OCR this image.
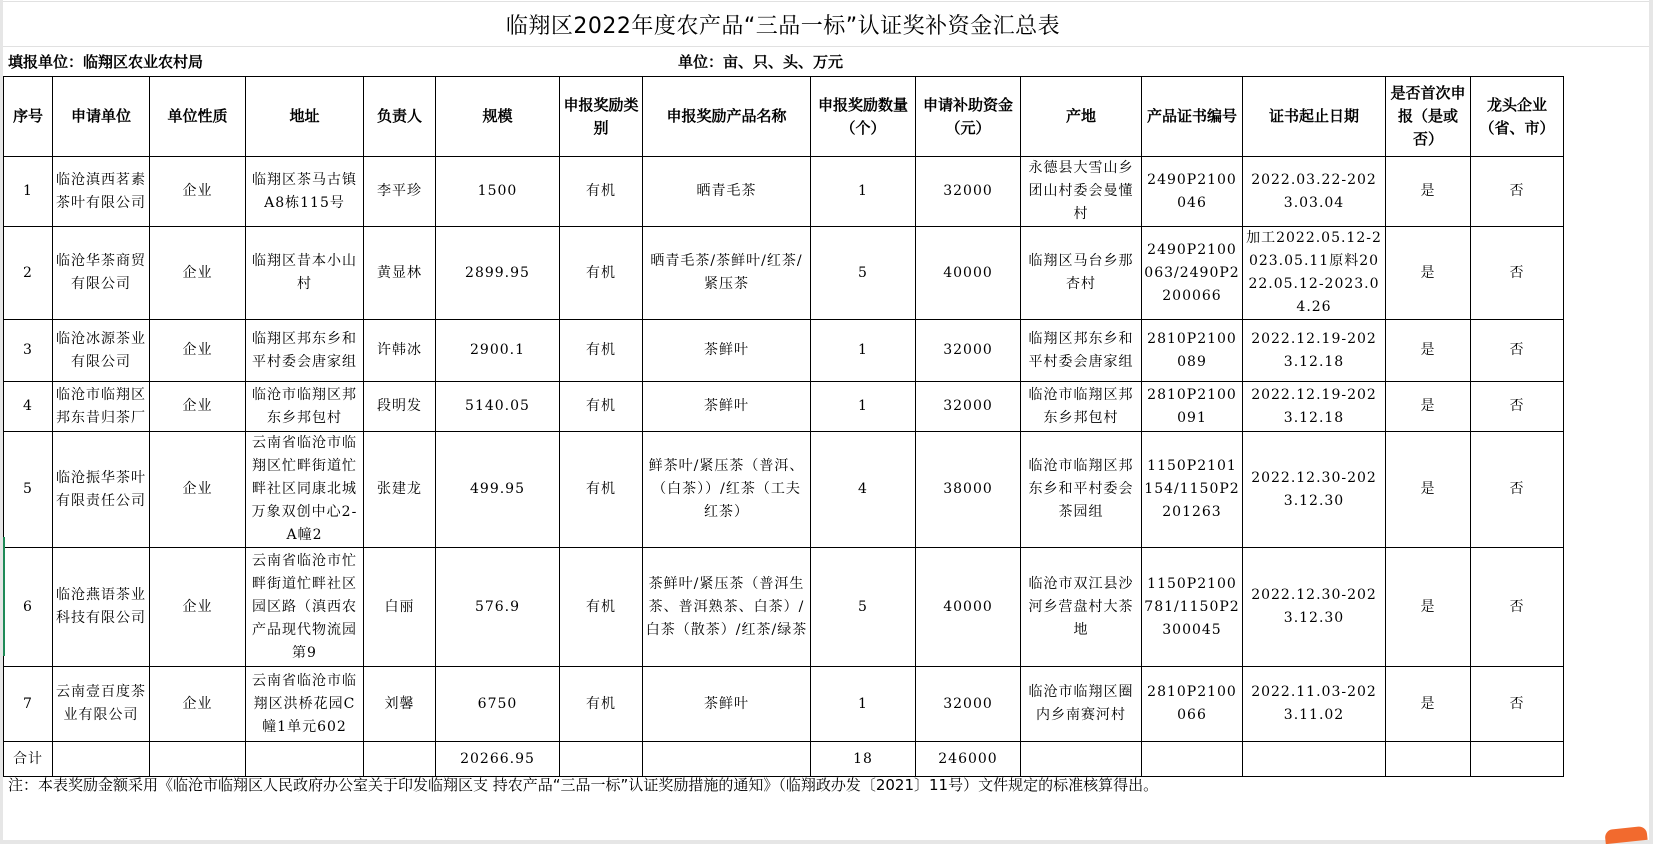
临翔区2022年度农产品“三品一标”认证奖补资金汇总表
填报单位：临翔区农业农村局	单位：亩、只、头、万元
序号	申请单位	单位性质	地址	负责人	规模	申报奖励类别	申报奖励产品名称	申报奖励数量（个）	申请补助资金（元）	产地	产品证书编号	证书起止日期	是否首次申报（是或否）	龙头企业（省、市）
1	临沧滇西茗素茶叶有限公司	企业	临翔区茶马古镇A8栋115号	李平珍	1500	有机	晒青毛茶	1	32000	永德县大雪山乡团山村委会曼懂村	2490P2100046	2022.03.22-2023.03.04	是	否
2	临沧华茶商贸有限公司	企业	临翔区昔本小山村	黄显林	2899.95	有机	晒青毛茶/茶鲜叶/红茶/紧压茶	5	40000	临翔区马台乡那杏村	2490P2100063/2490P2200066	加工2022.05.12-2023.05.11原料2022.05.12-2023.04.26	是	否
3	临沧冰源茶业有限公司	企业	临翔区邦东乡和平村委会唐家组	许韩冰	2900.1	有机	茶鲜叶	1	32000	临翔区邦东乡和平村委会唐家组	2810P2100089	2022.12.19-2023.12.18	是	否
4	临沧市临翔区邦东昔归茶厂	企业	临沧市临翔区邦东乡邦包村	段明发	5140.05	有机	茶鲜叶	1	32000	临沧市临翔区邦东乡邦包村	2810P2100091	2022.12.19-2023.12.18	是	否
5	临沧振华茶叶有限责任公司	企业	云南省临沧市临翔区忙畔街道忙畔社区同康北城万象双创中心2-A幢2	张建龙	499.95	有机	鲜茶叶/紧压茶（普洱、（白茶））/红茶（工夫红茶）	4	38000	临沧市临翔区邦东乡和平村委会茶园组	1150P2101154/1150P2201263	2022.12.30-2023.12.30	是	否
6	临沧燕语茶业科技有限公司	企业	云南省临沧市忙畔街道忙畔社区园区路（滇西农产品现代物流园第9	白丽	576.9	有机	茶鲜叶/紧压茶（普洱生茶、普洱熟茶、白茶）/白茶（散茶）/红茶/绿茶	5	40000	临沧市双江县沙河乡营盘村大茶地	1150P2100781/1150P2300045	2022.12.30-2023.12.30	是	否
7	云南壹百度茶业有限公司	企业	云南省临沧市临翔区洪桥花园C幢1单元602	刘馨	6750	有机	茶鲜叶	1	32000	临沧市临翔区圈内乡南赛河村	2810P2100066	2022.11.03-2023.11.02	是	否
合计					20266.95			18	246000					
注：本表奖励金额采用《临沧市临翔区人民政府办公室关于印发临翔区支 持农产品“三品一标”认证奖励措施的通知》（临翔政办发〔2021〕11号）文件规定的标准核算得出。
